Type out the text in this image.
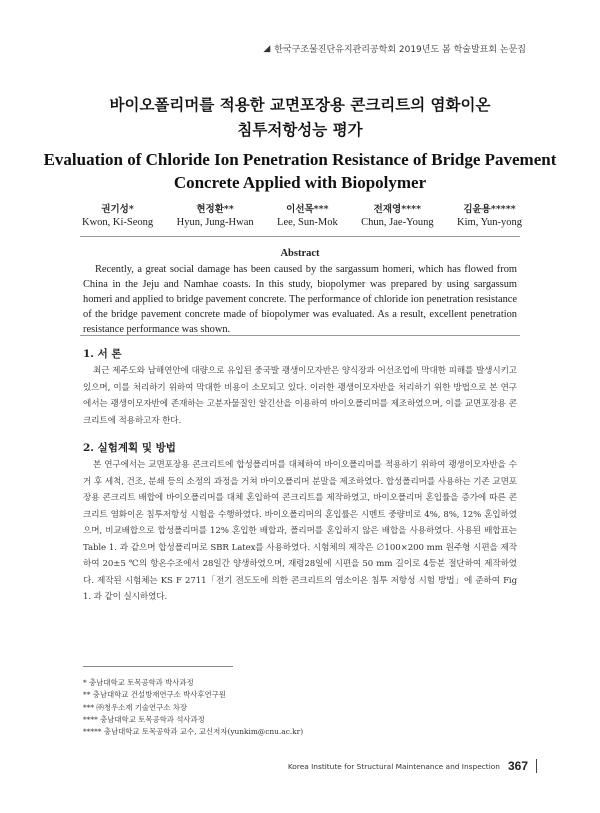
◢ 한국구조물진단유지관리공학회 2019년도 봄 학술발표회 논문집
바이오폴리머를 적용한 교면포장용 콘크리트의 염화이온
침투저항성능 평가
Evaluation of Chloride Ion Penetration Resistance of Bridge Pavement
Concrete Applied with Biopolymer
권기성*
Kwon, Ki-Seong
현정환**
Hyun, Jung-Hwan
이선목***
Lee, Sun-Mok
전재영****
Chun, Jae-Young
김윤용*****
Kim, Yun-yong
Abstract
Recently, a great social damage has been caused by the sargassum homeri, which has flowed from China in the Jeju and Namhae coasts. In this study, biopolymer was prepared by using sargassum homeri and applied to bridge pavement concrete. The performance of chloride ion penetration resistance of the bridge pavement concrete made of biopolymer was evaluated. As a result, excellent penetration resistance performance was shown.
1. 서 론
최근 제주도와 남해연안에 대량으로 유입된 중국발 괭생이모자반은 양식장과 어선조업에 막대한 피해를 발생시키고 있으며, 이를 처리하기 위하여 막대한 비용이 소모되고 있다. 이러한 괭생이모자반을 처리하기 위한 방법으로 본 연구에서는 괭생이모자반에 존재하는 고분자물질인 알긴산을 이용하여 바이오폴리머를 제조하였으며, 이를 교면포장용 콘크리트에 적용하고자 한다.
2. 실험계획 및 방법
본 연구에서는 교면포장용 콘크리트에 합성폴리머를 대체하여 바이오폴리머를 적용하기 위하여 괭생이모자반을 수거 후 세척, 건조, 분쇄 등의 소정의 과정을 거쳐 바이오폴리머 분말을 제조하였다. 합성폴리머를 사용하는 기존 교면포장용 콘크리트 배합에 바이오폴리머를 대체 혼입하여 콘크리트를 제작하였고, 바이오폴리머 혼입률을 증가에 따른 콘크리트 염화이온 침투저항성 시험을 수행하였다. 바이오폴리머의 혼입률은 시멘트 중량비로 4%, 8%, 12% 혼입하였으며, 비교배합으로 합성폴리머를 12% 혼입한 배합과, 폴리머를 혼입하지 않은 배합을 사용하였다. 사용된 배합표는 Table 1. 과 같으며 합성폴리머로 SBR Latex를 사용하였다. 시험체의 제작은 ∅100×200 mm 원주형 시편을 제작하여 20±5 ℃의 항온수조에서 28일간 양생하였으며, 재령28일에 시편을 50 mm 길이로 4등분 절단하여 제작하였다. 제작된 시험체는 KS F 2711「전기 전도도에 의한 콘크리트의 염소이온 침투 저항성 시험 방법」에 준하여 Fig 1. 과 같이 실시하였다.
* 충남대학교 토목공학과 박사과정
** 충남대학교 건설방재연구소 박사후연구원
*** ㈜청우소재 기술연구소 차장
**** 충남대학교 토목공학과 석사과정
***** 충남대학교 토목공학과 교수, 교신저자(yunkim@cnu.ac.kr)
Korea Institute for Structural Maintenance and Inspection 367
